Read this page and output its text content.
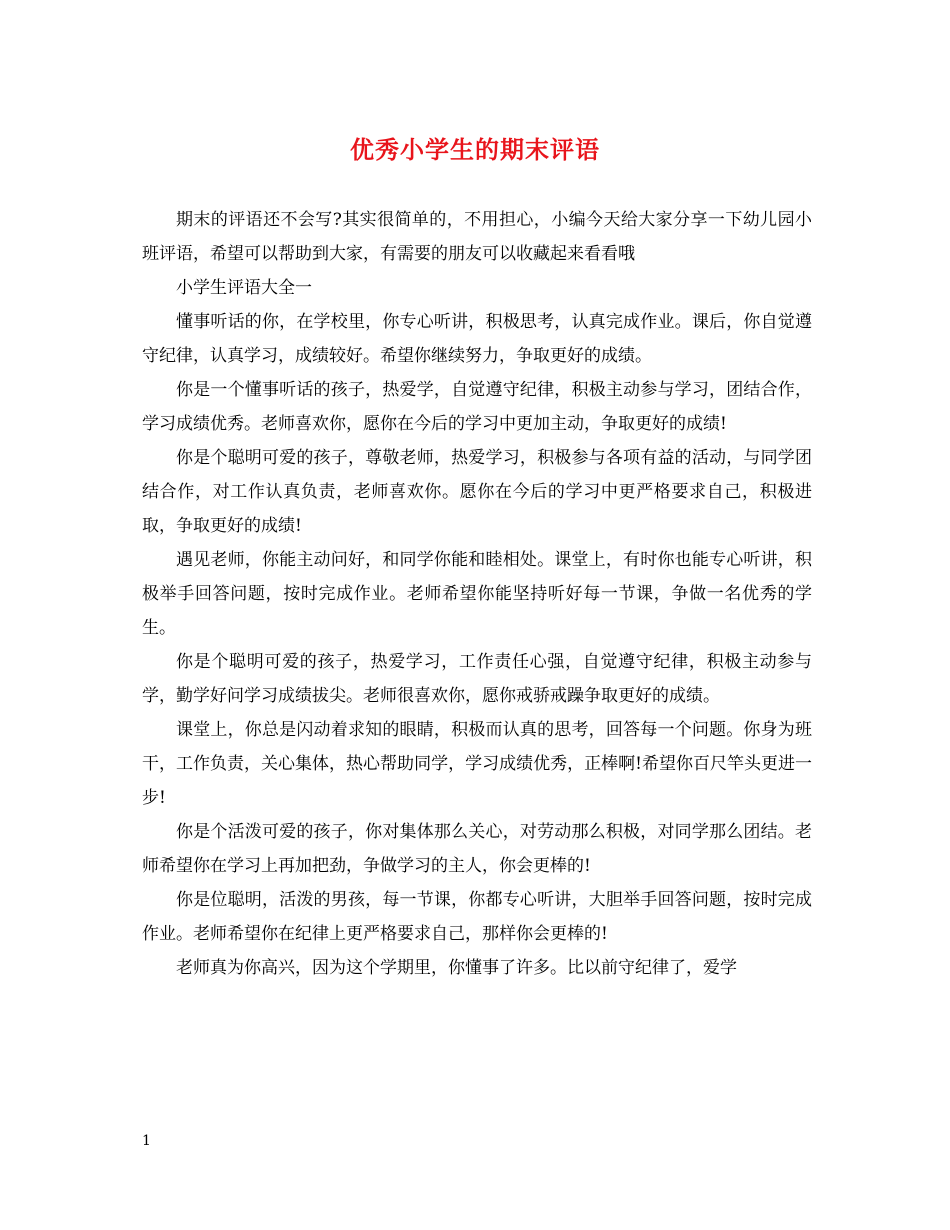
优秀小学生的期末评语

期末的评语还不会写?其实很简单的，不用担心，小编今天给大家分享一下幼儿园小班评语，希望可以帮助到大家，有需要的朋友可以收藏起来看看哦

小学生评语大全一

懂事听话的你，在学校里，你专心听讲，积极思考，认真完成作业。课后，你自觉遵守纪律，认真学习，成绩较好。希望你继续努力，争取更好的成绩。

你是一个懂事听话的孩子，热爱学，自觉遵守纪律，积极主动参与学习，团结合作，学习成绩优秀。老师喜欢你，愿你在今后的学习中更加主动，争取更好的成绩!

你是个聪明可爱的孩子，尊敬老师，热爱学习，积极参与各项有益的活动，与同学团结合作，对工作认真负责，老师喜欢你。愿你在今后的学习中更严格要求自己，积极进取，争取更好的成绩!

遇见老师，你能主动问好，和同学你能和睦相处。课堂上，有时你也能专心听讲，积极举手回答问题，按时完成作业。老师希望你能坚持听好每一节课，争做一名优秀的学生。

你是个聪明可爱的孩子，热爱学习，工作责任心强，自觉遵守纪律，积极主动参与学，勤学好问学习成绩拔尖。老师很喜欢你，愿你戒骄戒躁争取更好的成绩。

课堂上，你总是闪动着求知的眼睛，积极而认真的思考，回答每一个问题。你身为班干，工作负责，关心集体，热心帮助同学，学习成绩优秀，正棒啊!希望你百尺竿头更进一步!

你是个活泼可爱的孩子，你对集体那么关心，对劳动那么积极，对同学那么团结。老师希望你在学习上再加把劲，争做学习的主人，你会更棒的!

你是位聪明，活泼的男孩，每一节课，你都专心听讲，大胆举手回答问题，按时完成作业。老师希望你在纪律上更严格要求自己，那样你会更棒的!

老师真为你高兴，因为这个学期里，你懂事了许多。比以前守纪律了，爱学

1
